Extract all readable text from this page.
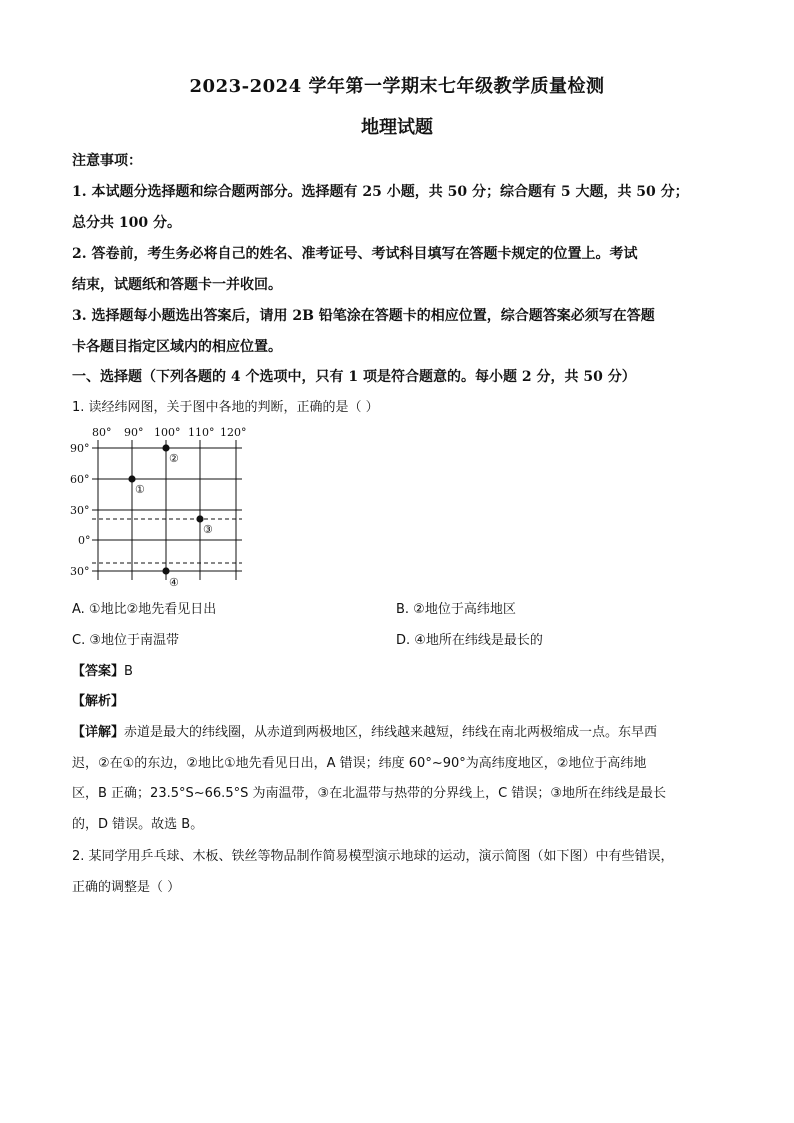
2023-2024 学年第一学期末七年级教学质量检测
地理试题
注意事项：
1. 本试题分选择题和综合题两部分。选择题有 25 小题，共 50 分；综合题有 5 大题，共 50 分；
总分共 100 分。
2. 答卷前，考生务必将自己的姓名、准考证号、考试科目填写在答题卡规定的位置上。考试
结束，试题纸和答题卡一并收回。
3. 选择题每小题选出答案后，请用 2B 铅笔涂在答题卡的相应位置，综合题答案必须写在答题
卡各题目指定区域内的相应位置。
一、选择题（下列各题的 4 个选项中，只有 1 项是符合题意的。每小题 2 分，共 50 分）
1. 读经纬网图，关于图中各地的判断，正确的是（ ）
80° 90° 100° 110° 120°
90°
60°
30°
0°
30°
①
②
③
④
A. ①地比②地先看见日出	B. ②地位于高纬地区
C. ③地位于南温带	D. ④地所在纬线是最长的
【答案】B
【解析】
【详解】赤道是最大的纬线圈，从赤道到两极地区，纬线越来越短，纬线在南北两极缩成一点。东早西
迟，②在①的东边，②地比①地先看见日出，A 错误；纬度 60°~90°为高纬度地区，②地位于高纬地
区，B 正确；23.5°S~66.5°S 为南温带，③在北温带与热带的分界线上，C 错误；③地所在纬线是最长
的，D 错误。故选 B。
2. 某同学用乒乓球、木板、铁丝等物品制作简易模型演示地球的运动，演示简图（如下图）中有些错误，
正确的调整是（ ）
